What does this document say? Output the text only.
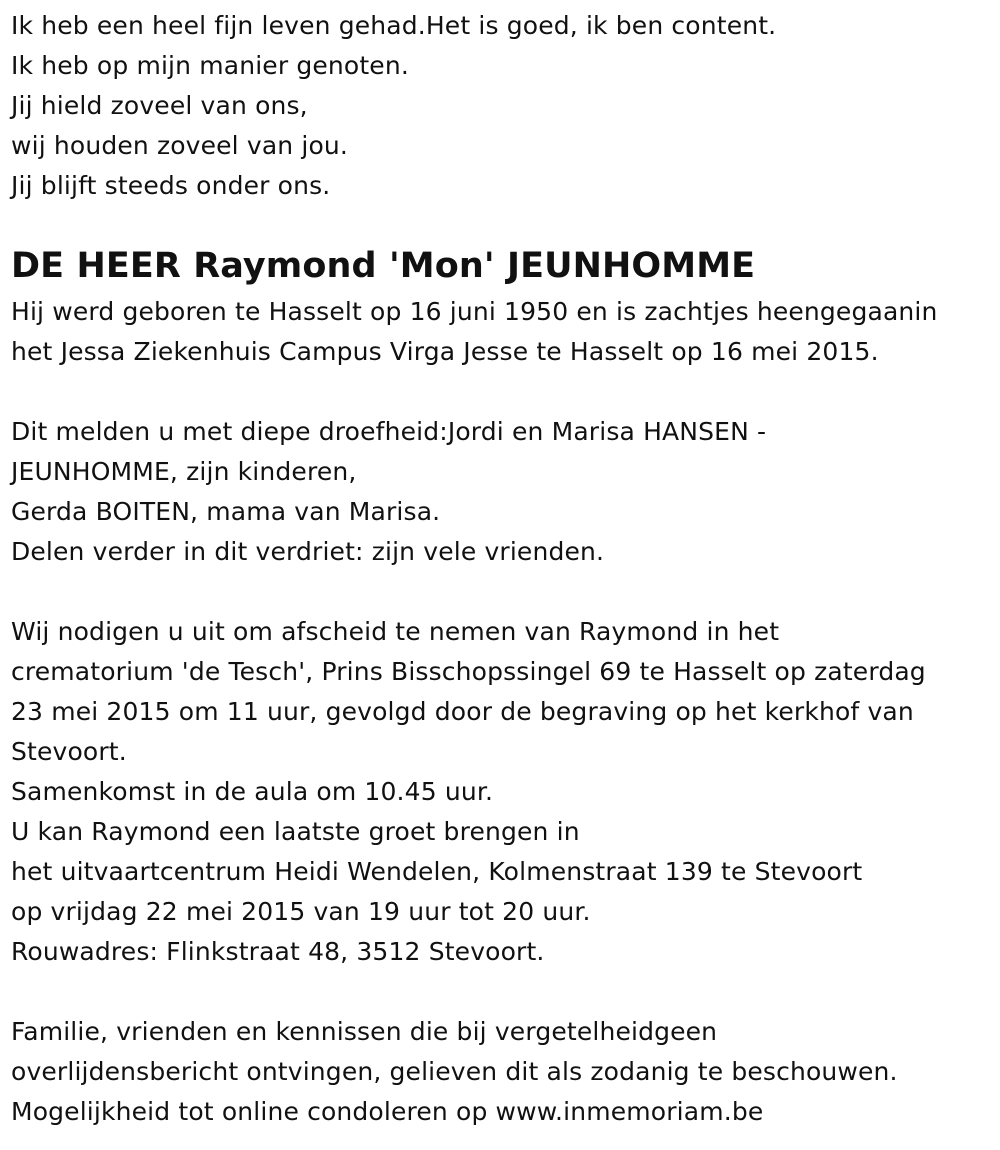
Ik heb een heel fijn leven gehad.Het is goed, ik ben content.
Ik heb op mijn manier genoten.
Jij hield zoveel van ons,
wij houden zoveel van jou.
Jij blijft steeds onder ons.
DE HEER Raymond 'Mon' JEUNHOMME
Hij werd geboren te Hasselt op 16 juni 1950 en is zachtjes heengegaanin
het Jessa Ziekenhuis Campus Virga Jesse te Hasselt op 16 mei 2015.
Dit melden u met diepe droefheid:Jordi en Marisa HANSEN -
JEUNHOMME, zijn kinderen,
Gerda BOITEN, mama van Marisa.
Delen verder in dit verdriet: zijn vele vrienden.
Wij nodigen u uit om afscheid te nemen van Raymond in het
crematorium 'de Tesch', Prins Bisschopssingel 69 te Hasselt op zaterdag
23 mei 2015 om 11 uur, gevolgd door de begraving op het kerkhof van
Stevoort.
Samenkomst in de aula om 10.45 uur.
U kan Raymond een laatste groet brengen in
het uitvaartcentrum Heidi Wendelen, Kolmenstraat 139 te Stevoort
op vrijdag 22 mei 2015 van 19 uur tot 20 uur.
Rouwadres: Flinkstraat 48, 3512 Stevoort.
Familie, vrienden en kennissen die bij vergetelheidgeen
overlijdensbericht ontvingen, gelieven dit als zodanig te beschouwen.
Mogelijkheid tot online condoleren op www.inmemoriam.be
